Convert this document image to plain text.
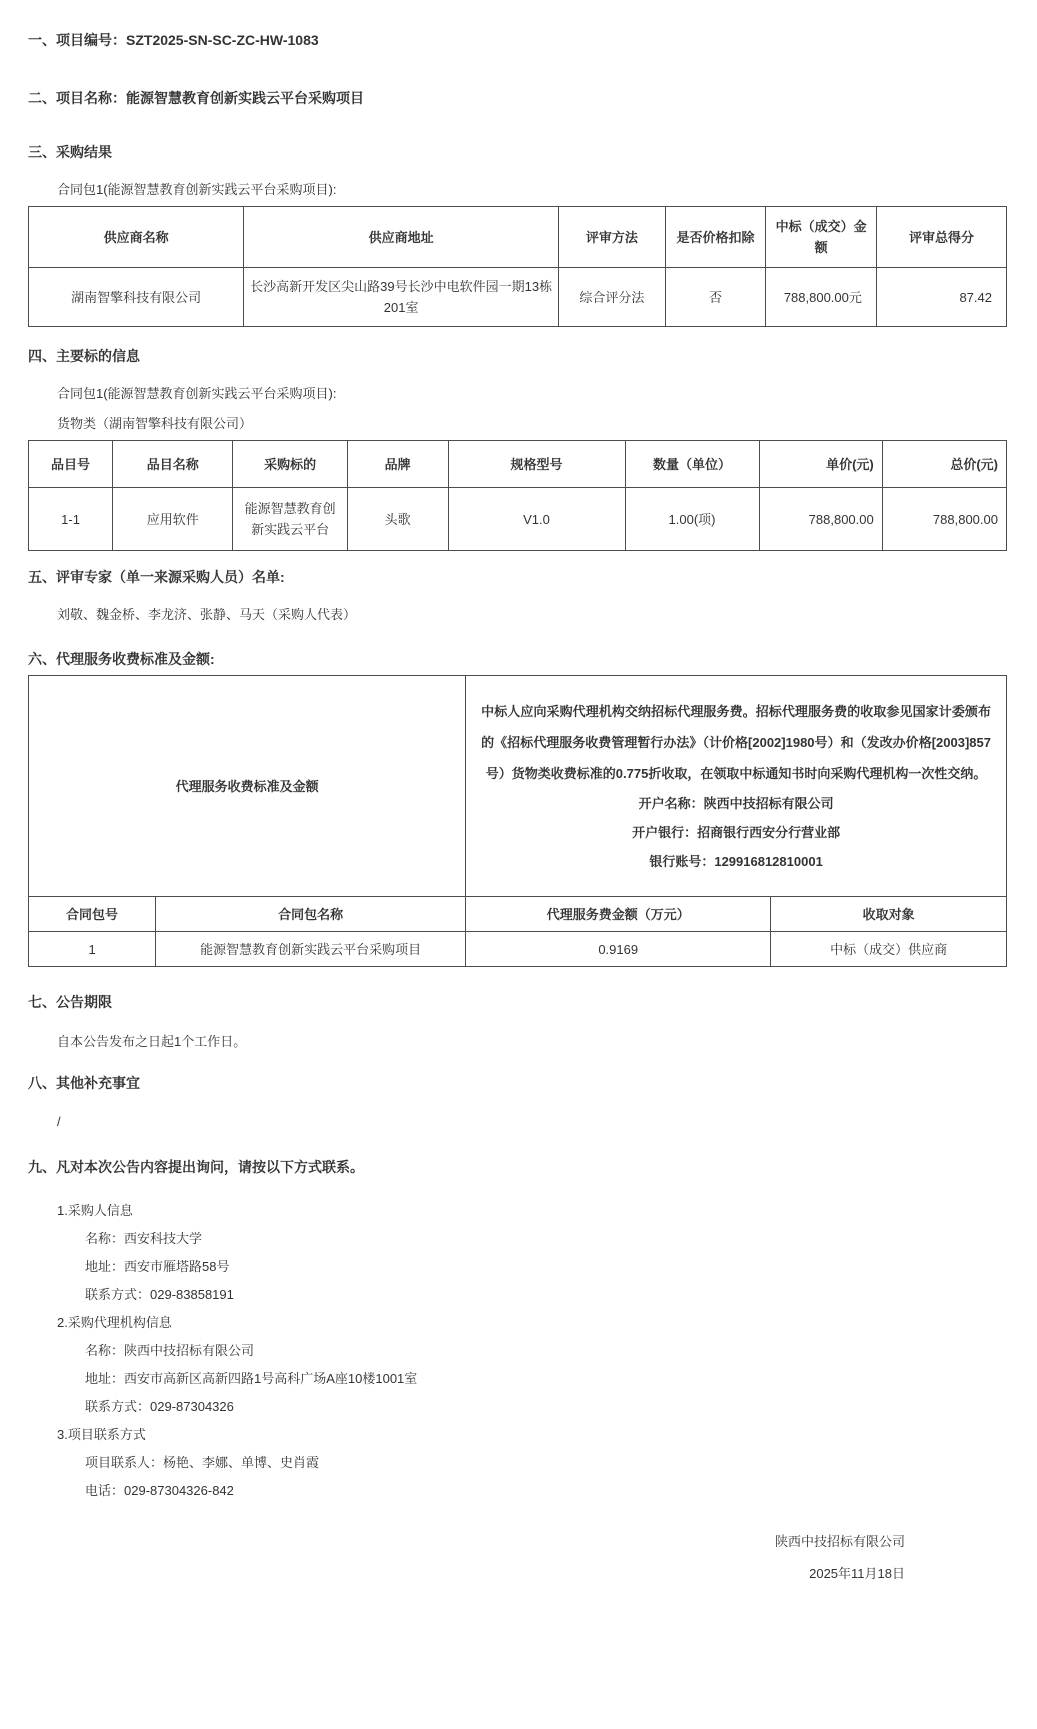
一、项目编号：SZT2025-SN-SC-ZC-HW-1083
二、项目名称：能源智慧教育创新实践云平台采购项目
三、采购结果
合同包1(能源智慧教育创新实践云平台采购项目):
供应商名称	供应商地址	评审方法	是否价格扣除	中标（成交）金额	评审总得分
湖南智擎科技有限公司	长沙高新开发区尖山路39号长沙中电软件园一期13栋201室	综合评分法	否	788,800.00元	87.42
四、主要标的信息
合同包1(能源智慧教育创新实践云平台采购项目):
货物类（湖南智擎科技有限公司）
品目号	品目名称	采购标的	品牌	规格型号	数量（单位）	单价(元)	总价(元)
1-1	应用软件	能源智慧教育创新实践云平台	头歌	V1.0	1.00(项)	788,800.00	788,800.00
五、评审专家（单一来源采购人员）名单:
刘敬、魏金桥、李龙济、张静、马天（采购人代表）
六、代理服务收费标准及金额:
代理服务收费标准及金额		中标人应向采购代理机构交纳招标代理服务费。招标代理服务费的收取参见国家计委颁布的《招标代理服务收费管理暂行办法》（计价格[2002]1980号）和（发改办价格[2003]857号）货物类收费标准的0.775折收取，在领取中标通知书时向采购代理机构一次性交纳。
开户名称：陕西中技招标有限公司
开户银行：招商银行西安分行营业部
银行账号：129916812810001	

合同包号	合同包名称	代理服务费金额（万元）	收取对象
1	能源智慧教育创新实践云平台采购项目	0.9169	中标（成交）供应商
七、公告期限
自本公告发布之日起1个工作日。
八、其他补充事宜
/
九、凡对本次公告内容提出询问，请按以下方式联系。
1.采购人信息
名称：西安科技大学
地址：西安市雁塔路58号
联系方式：029-83858191
2.采购代理机构信息
名称：陕西中技招标有限公司
地址：西安市高新区高新四路1号高科广场A座10楼1001室
联系方式：029-87304326
3.项目联系方式
项目联系人：杨艳、李娜、单博、史肖霞
电话：029-87304326-842
陕西中技招标有限公司
2025年11月18日
